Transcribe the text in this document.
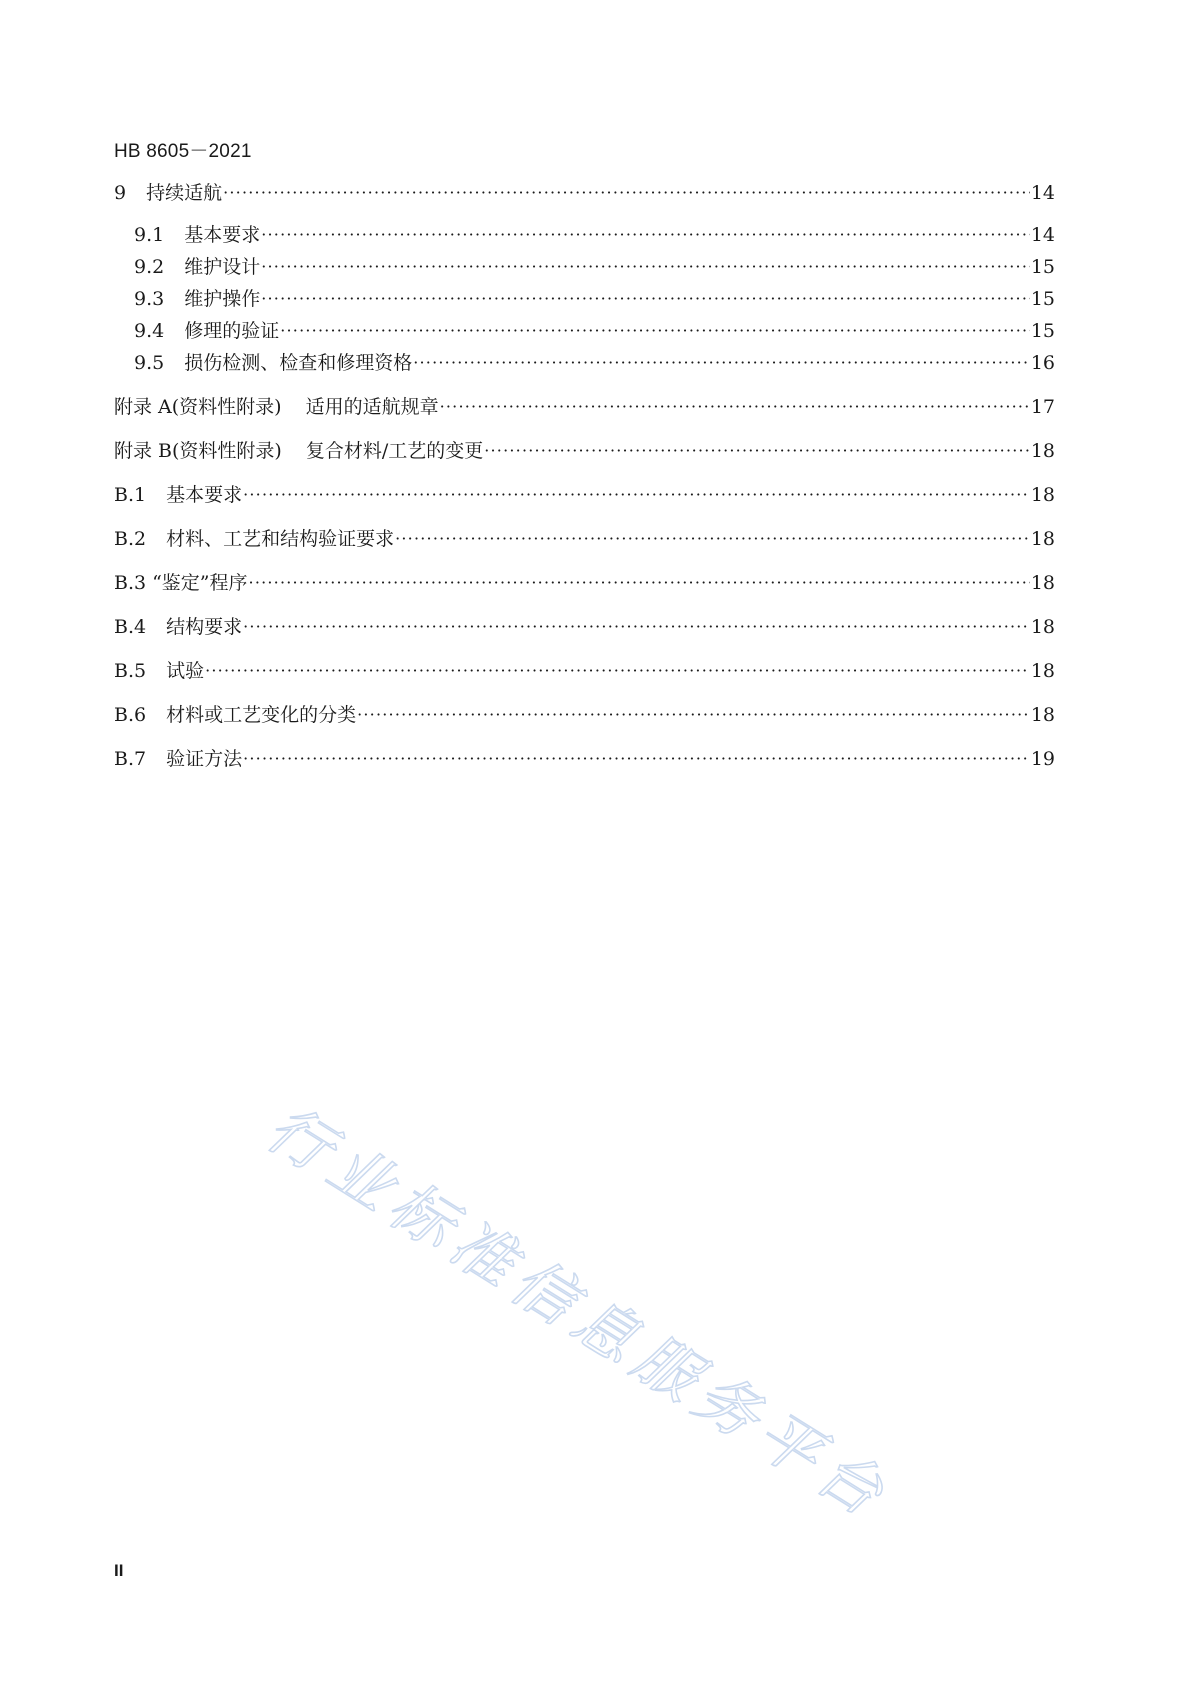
HB 8605－2021
9 持续适航 ·····	14
9.1 基本要求 ·····	14
9.2 维护设计 ·····	15
9.3 维护操作 ·····	15
9.4 修理的验证 ·····	15
9.5 损伤检测、检查和修理资格 ·····	16
附录 A(资料性附录) 适用的适航规章 ·····	17
附录 B(资料性附录) 复合材料/工艺的变更 ·····	18
B.1 基本要求 ·····	18
B.2 材料、工艺和结构验证要求 ·····	18
B.3 “鉴定”程序 ·····	18
B.4 结构要求 ·····	18
B.5 试验 ·····	18
B.6 材料或工艺变化的分类 ·····	18
B.7 验证方法 ·····	19
行业标准信息服务平台
II
